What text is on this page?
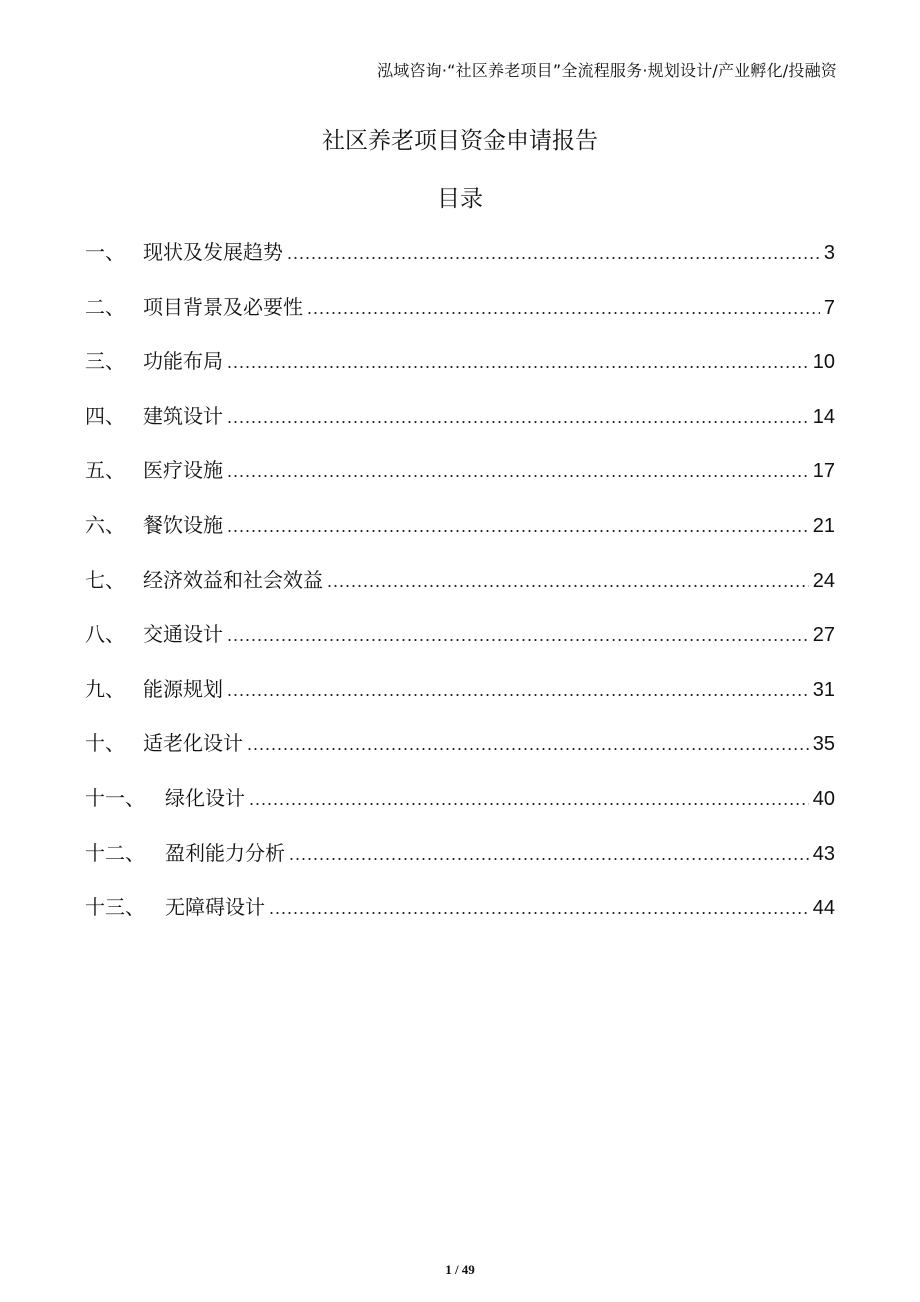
泓域咨询·“社区养老项目”全流程服务·规划设计/产业孵化/投融资
社区养老项目资金申请报告
目录
一、 现状及发展趋势 .....	3
二、 项目背景及必要性 .....	7
三、 功能布局 .....	10
四、 建筑设计 .....	14
五、 医疗设施 .....	17
六、 餐饮设施 .....	21
七、 经济效益和社会效益 .....	24
八、 交通设计 .....	27
九、 能源规划 .....	31
十、 适老化设计 .....	35
十一、	绿化设计 .....	40
十二、	盈利能力分析 .....	43
十三、	无障碍设计 .....	44
1 / 49
